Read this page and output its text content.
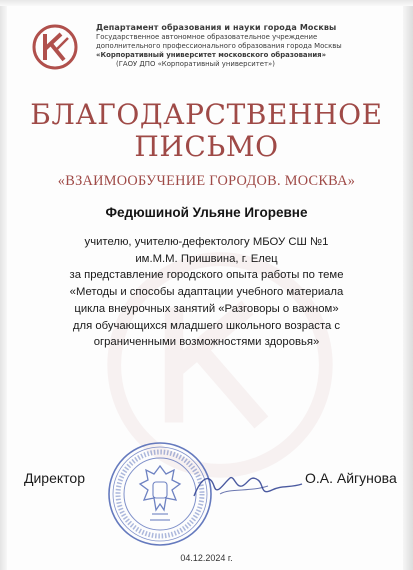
Департамент образования и науки города Москвы
Государственное автономное образовательное учреждение
дополнительного профессионального образования города Москвы
«Корпоративный университет московского образования»
(ГАОУ ДПО «Корпоративный университет»)
БЛАГОДАРСТВЕННОЕ
ПИСЬМО
«ВЗАИМООБУЧЕНИЕ ГОРОДОВ. МОСКВА»
Федюшиной Ульяне Игоревне
учителю, учителю-дефектологу МБОУ СШ №1
им.М.М. Пришвина, г. Елец
за представление городского опыта работы по теме
«Методы и способы адаптации учебного материала
цикла внеурочных занятий «Разговоры о важном»
для обучающихся младшего школьного возраста с
ограниченными возможностями здоровья»
Директор	О.А. Айгунова
04.12.2024 г.
